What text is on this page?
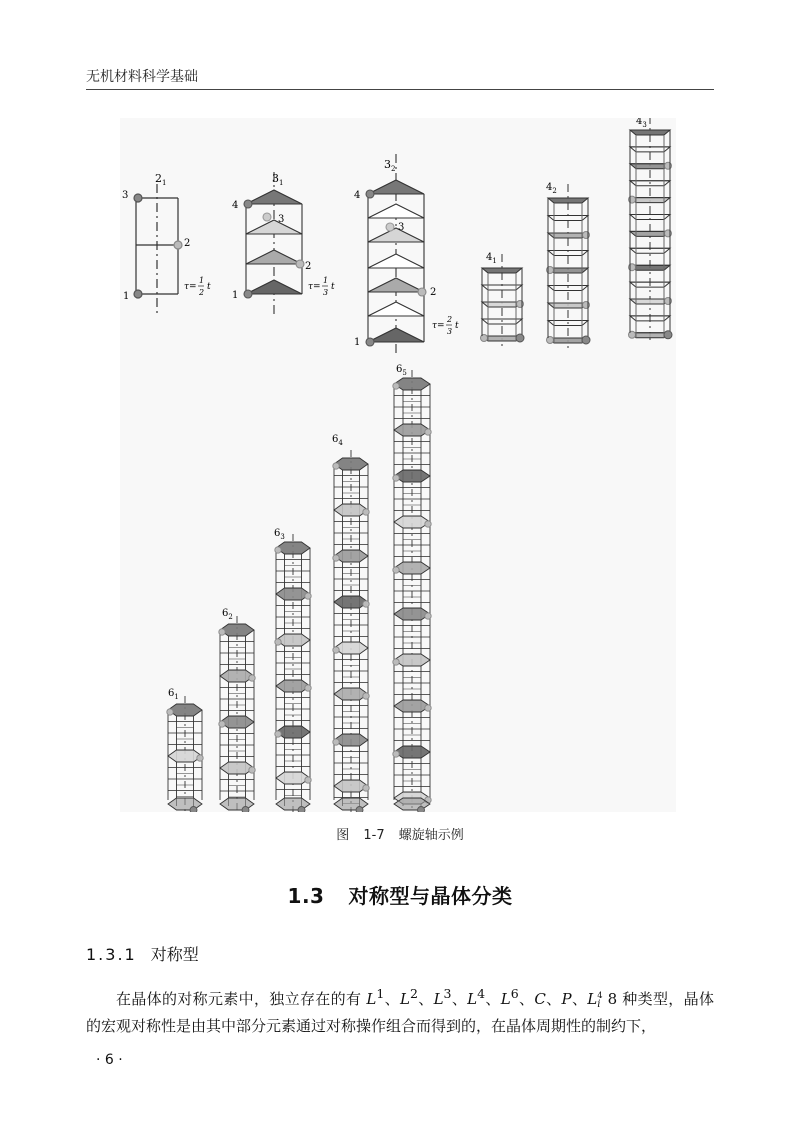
无机材料科学基础
$2_1$
3
2
1
τ=
1
2
t
$3_1$
4
3
2
1
τ=
1
3
t
$3_2$
4
3
2
1
τ=
2
3
t
$4_1$
$4_2$
$4_3$
$6_1$
$6_2$
$6_3$
$6_4$
$6_5$
图 1-7 螺旋轴示例
1.3 对称型与晶体分类
1.3.1 对称型
在晶体的对称元素中，独立存在的有 $L^1$、$L^2$、$L^3$、$L^4$、$L^6$、C、P、L 4
i 8 种类型，晶体的宏观对称性是由其中部分元素通过对称操作组合而得到的，在晶体周期性的制约下，
· 6 ·
